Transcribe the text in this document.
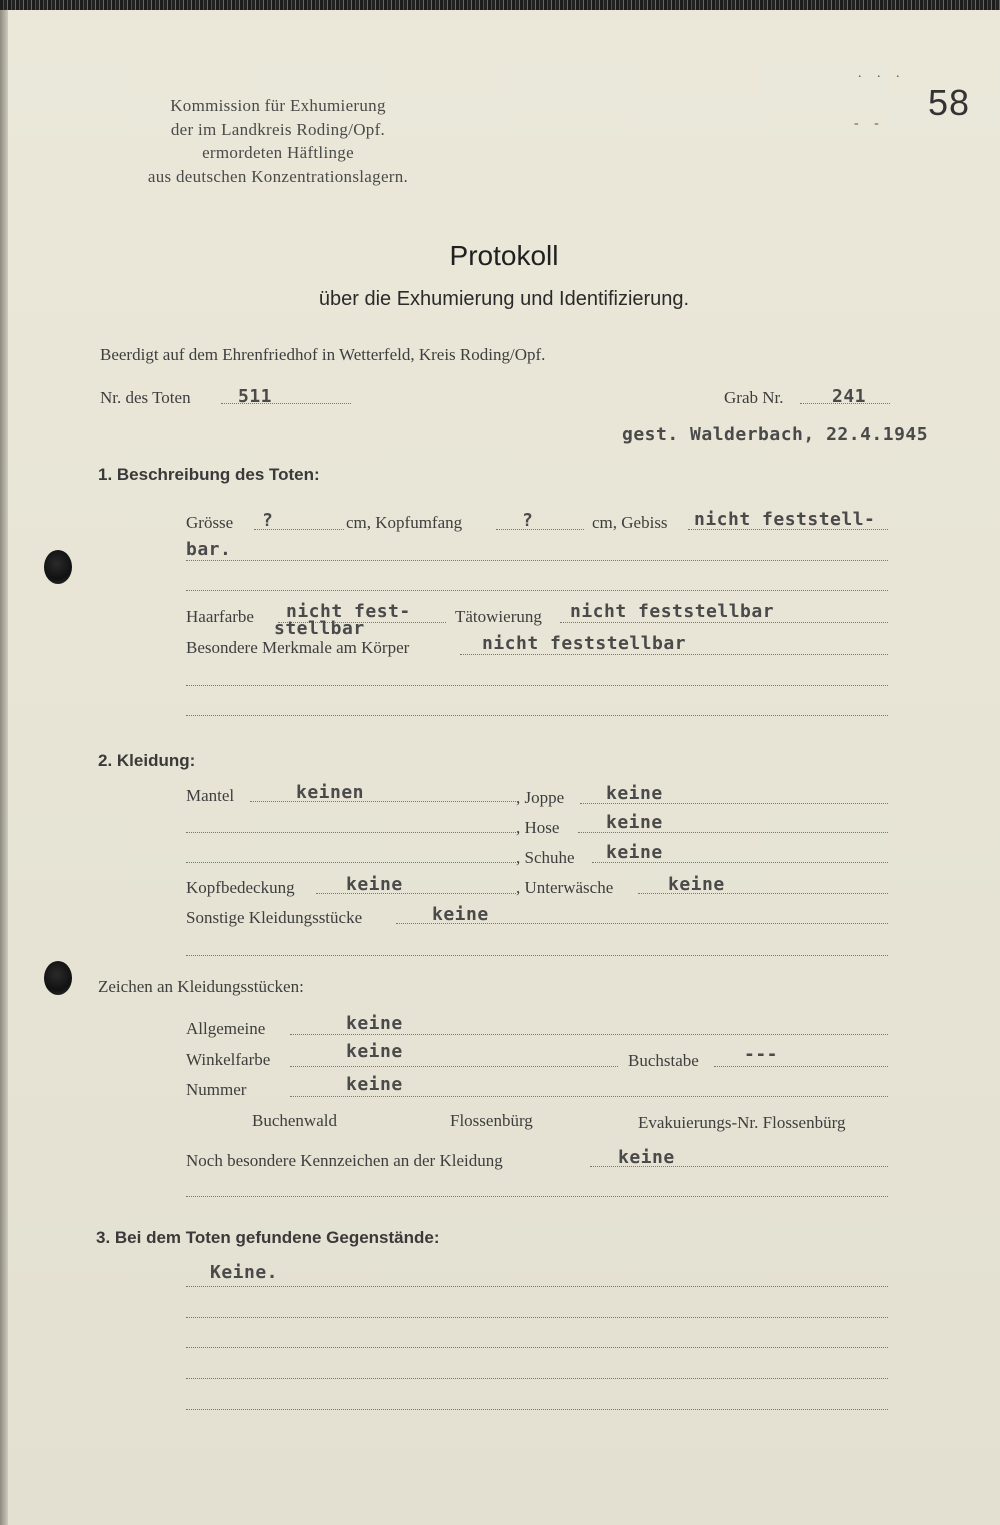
. . .
58
- -
Kommission für Exhumierung
der im Landkreis Roding/Opf.
ermordeten Häftlinge
aus deutschen Konzentrationslagern.
Protokoll
über die Exhumierung und Identifizierung.
Beerdigt auf dem Ehrenfriedhof in Wetterfeld, Kreis Roding/Opf.
Nr. des Toten	511	Grab Nr.	241
gest. Walderbach, 22.4.1945
1. Beschreibung des Toten:
Grösse ?	cm, Kopfumfang	?	cm, Gebiss nicht feststell-
bar.
Haarfarbe nicht fest-
stellbar
Tätowierung nicht feststellbar
Besondere Merkmale am Körper	nicht feststellbar
2. Kleidung:
Mantel	keinen	, Joppe keine
, Hose	keine
, Schuhe keine
Kopfbedeckung	keine	, Unterwäsche	keine
Sonstige Kleidungsstücke	keine
Zeichen an Kleidungsstücken:
Allgemeine	keine
Winkelfarbe	keine	Buchstabe	---
Nummer	keine
Buchenwald	Flossenbürg	Evakuierungs-Nr. Flossenbürg
Noch besondere Kennzeichen an der Kleidung	keine
3. Bei dem Toten gefundene Gegenstände:
Keine.
